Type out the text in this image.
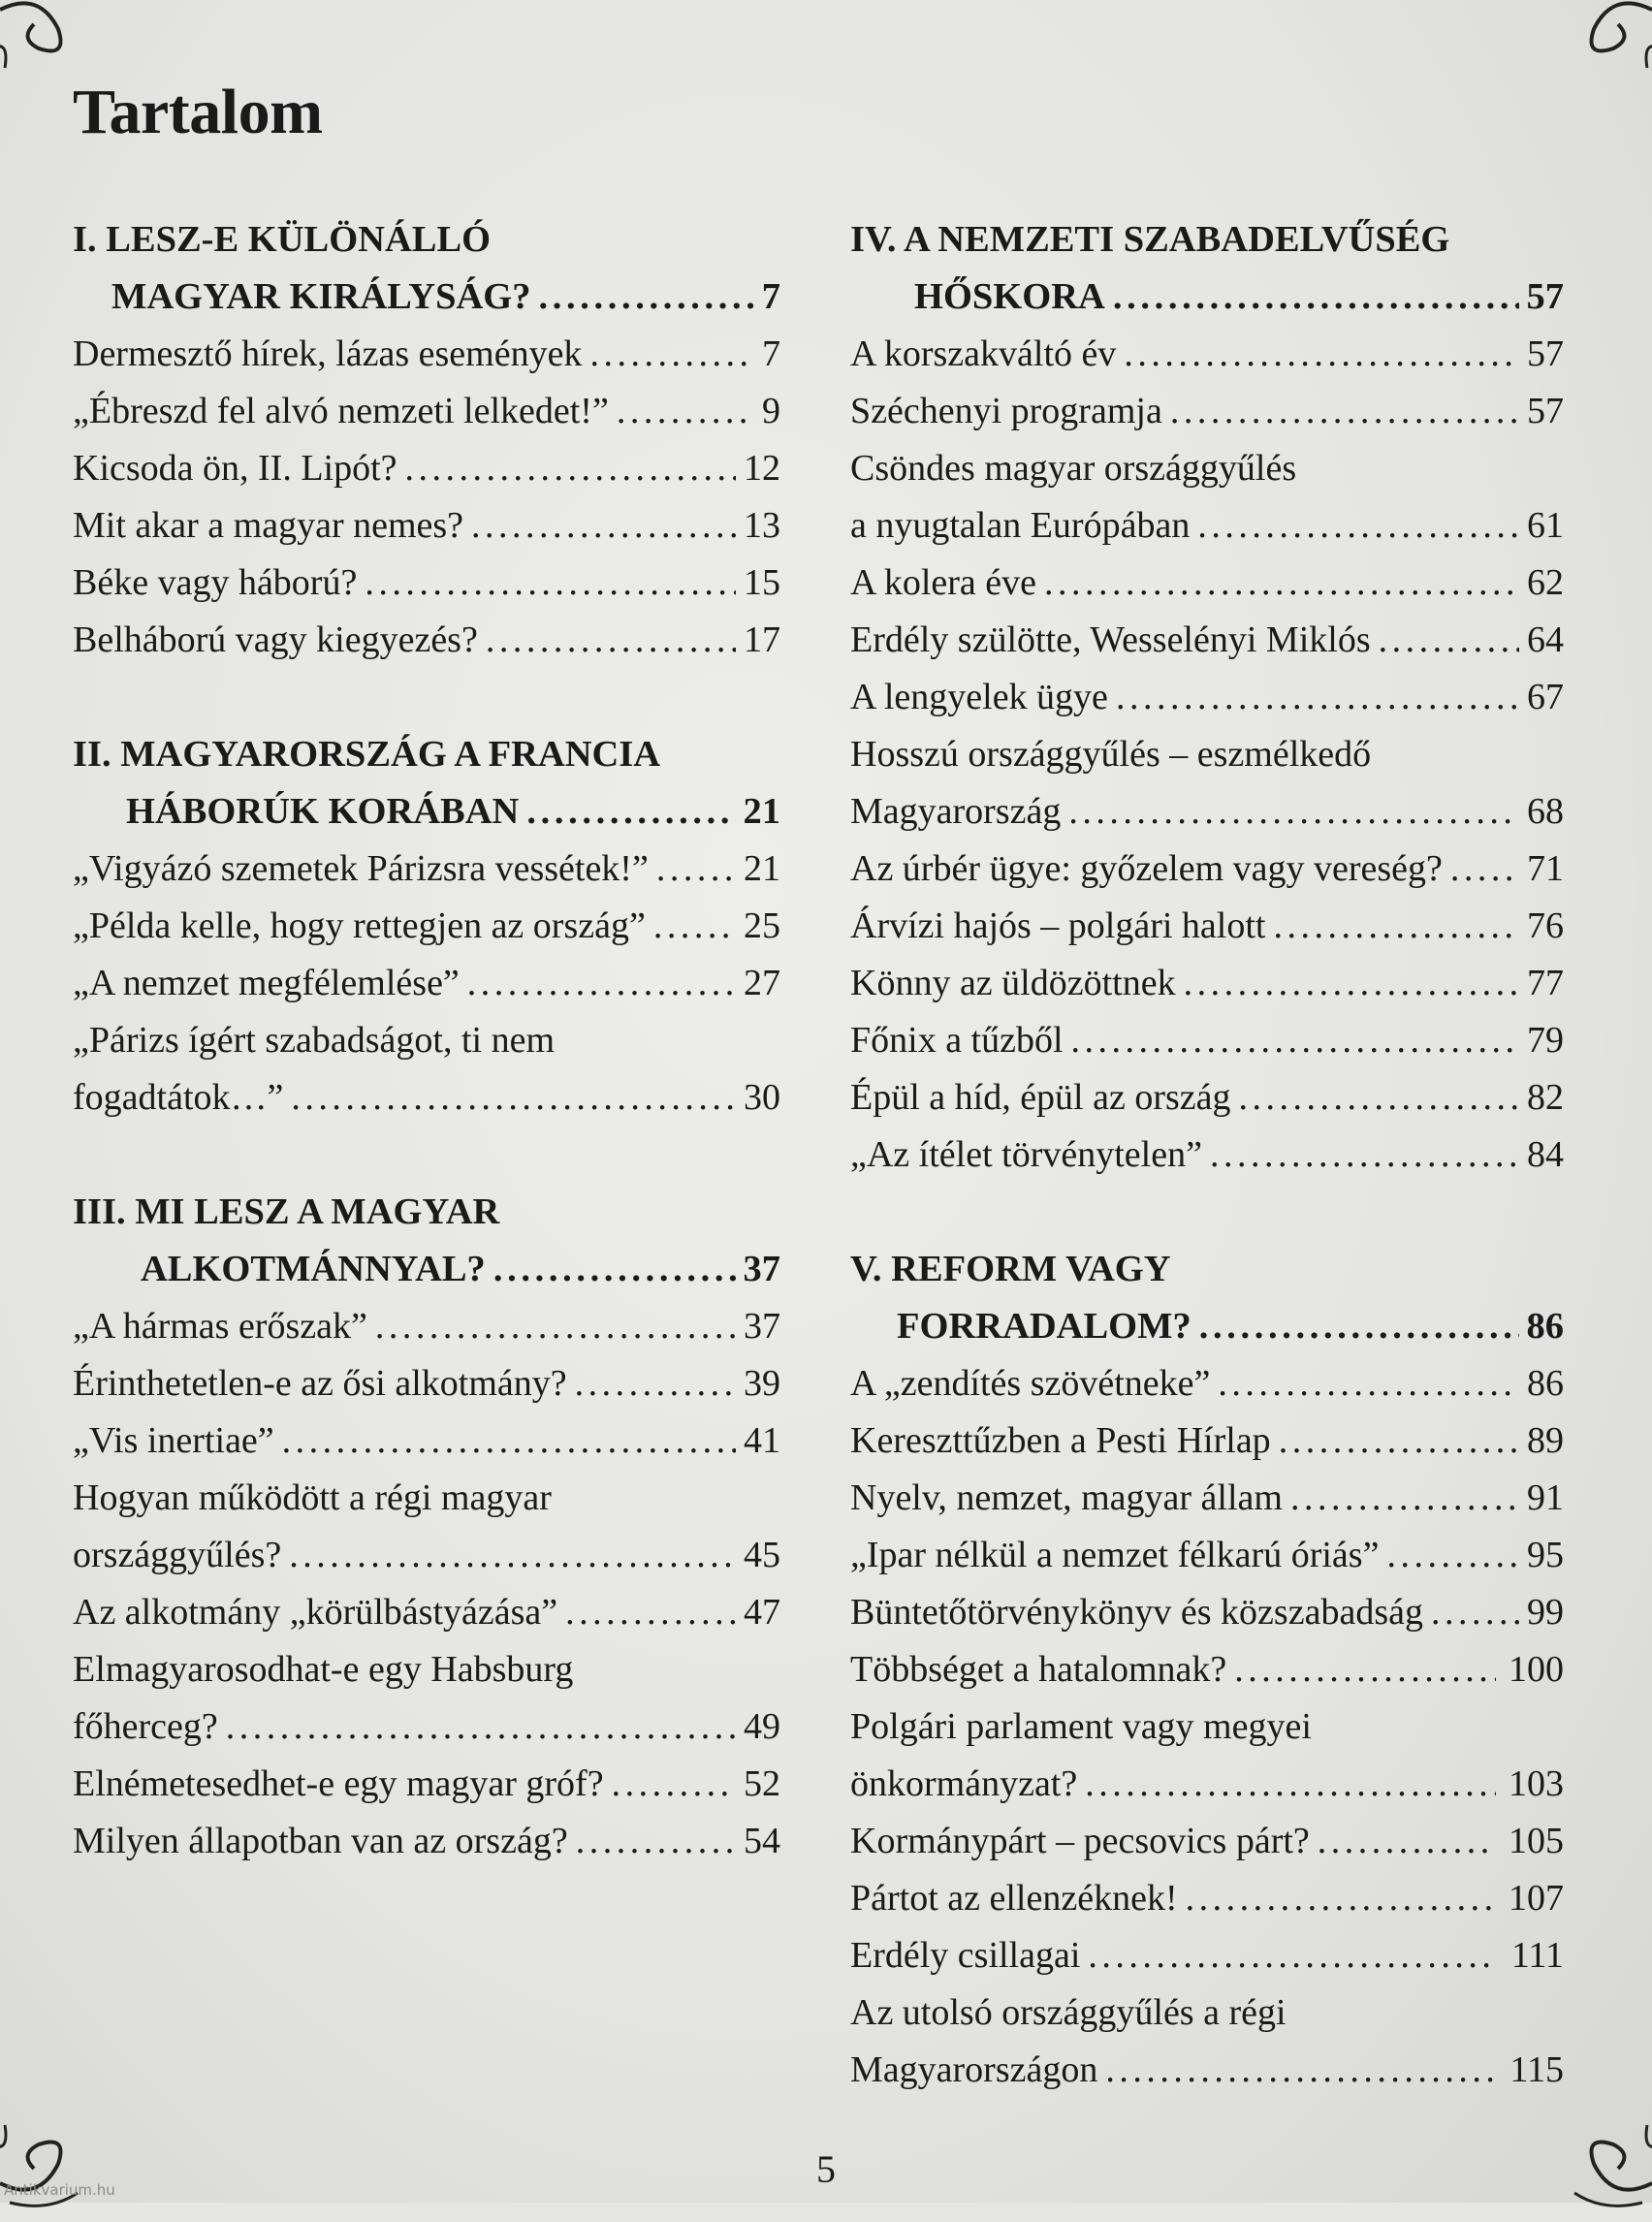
Tartalom
I. LESZ-E KÜLÖNÁLLÓ
MAGYAR KIRÁLYSÁG? . . .	7
Dermesztő hírek, lázas események . . .	7
„Ébreszd fel alvó nemzeti lelkedet!” . . .	9
Kicsoda ön, II. Lipót? . . .	12
Mit akar a magyar nemes? . . .	13
Béke vagy háború? . . .	15
Belháború vagy kiegyezés? . . .	17
II. MAGYARORSZÁG A FRANCIA
HÁBORÚK KORÁBAN . . .	21
„Vigyázó szemetek Párizsra vessétek!” . . .	21
„Példa kelle, hogy rettegjen az ország” . . .	25
„A nemzet megfélemlése” . . .	27
„Párizs ígért szabadságot, ti nem
fogadtátok…” . . .	30
III. MI LESZ A MAGYAR
ALKOTMÁNNYAL? . . .	37
„A hármas erőszak” . . .	37
Érinthetetlen-e az ősi alkotmány? . . .	39
„Vis inertiae” . . .	41
Hogyan működött a régi magyar
országgyűlés? . . .	45
Az alkotmány „körülbástyázása” . . .	47
Elmagyarosodhat-e egy Habsburg
főherceg? . . .	49
Elnémetesedhet-e egy magyar gróf? . . .	52
Milyen állapotban van az ország? . . .	54
IV. A NEMZETI SZABADELVŰSÉG
HŐSKORA . . .	57
A korszakváltó év . . .	57
Széchenyi programja . . .	57
Csöndes magyar országgyűlés
a nyugtalan Európában . . .	61
A kolera éve . . .	62
Erdély szülötte, Wesselényi Miklós . . .	64
A lengyelek ügye . . .	67
Hosszú országgyűlés – eszmélkedő
Magyarország . . .	68
Az úrbér ügye: győzelem vagy vereség? . . . 71
Árvízi hajós – polgári halott . . .	76
Könny az üldözöttnek . . .	77
Főnix a tűzből . . .	79
Épül a híd, épül az ország . . .	82
„Az ítélet törvénytelen” . . .	84
V. REFORM VAGY
FORRADALOM? . . .	86
A „zendítés szövétneke” . . .	86
Kereszttűzben a Pesti Hírlap . . .	89
Nyelv, nemzet, magyar állam . . .	91
„Ipar nélkül a nemzet félkarú óriás” . . .	95
Büntetőtörvénykönyv és közszabadság . . .	99
Többséget a hatalomnak? . . .	100
Polgári parlament vagy megyei
önkormányzat? . . .	103
Kormánypárt – pecsovics párt? . . .	105
Pártot az ellenzéknek! . . .	107
Erdély csillagai . . .	111
Az utolsó országgyűlés a régi
Magyarországon . . .	115
5
Antikvarium.hu
